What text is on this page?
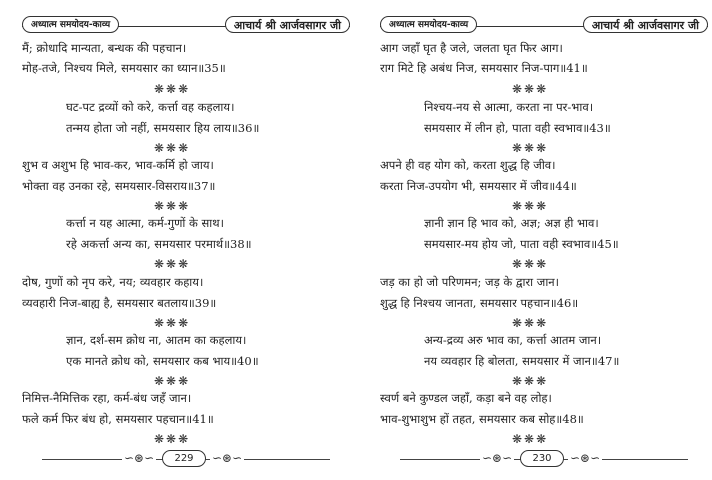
अध्यात्म समयोदय-काव्य	आचार्य श्री आर्जवसागर जी
मैं; क्रोधादि मान्यता, बन्धक की पहचान।
मोह-तजे, निश्चय मिले, समयसार का ध्यान॥35॥
❋❋❋
घट-पट द्रव्यों को करे, कर्त्ता वह कहलाय।
तन्मय होता जो नहीं, समयसार हिय लाय॥36॥
❋❋❋
शुभ व अशुभ हि भाव-कर, भाव-कर्मि हो जाय।
भोक्ता वह उनका रहे, समयसार-विसराय॥37॥
❋❋❋
कर्त्ता न यह आत्मा, कर्म-गुणों के साथ।
रहे अकर्त्ता अन्य का, समयसार परमार्थ॥38॥
❋❋❋
दोष, गुणों को नृप करे, नय; व्यवहार कहाय।
व्यवहारी निज-बाह्य है, समयसार बतलाय॥39॥
❋❋❋
ज्ञान, दर्श-सम क्रोध ना, आतम का कहलाय।
एक मानते क्रोध को, समयसार कब भाय॥40॥
❋❋❋
निमित्त-नैमित्तिक रहा, कर्म-बंध जहँ जान।
फले कर्म फिर बंध हो, समयसार पहचान॥41॥
❋❋❋
∽⊛∽	∽⊛∽
229
अध्यात्म समयोदय-काव्य	आचार्य श्री आर्जवसागर जी
आग जहाँ घृत है जले, जलता घृत फिर आग।
राग मिटे हि अबंध निज, समयसार निज-पाग॥41॥
❋❋❋
निश्चय-नय से आत्मा, करता ना पर-भाव।
समयसार में लीन हो, पाता वही स्वभाव॥43॥
❋❋❋
अपने ही वह योग को, करता शुद्ध हि जीव।
करता निज-उपयोग भी, समयसार में जीव॥44॥
❋❋❋
ज्ञानी ज्ञान हि भाव को, अज्ञ; अज्ञ ही भाव।
समयसार-मय होय जो, पाता वही स्वभाव॥45॥
❋❋❋
जड़ का हो जो परिणमन; जड़ के द्वारा जान।
शुद्ध हि निश्चय जानता, समयसार पहचान॥46॥
❋❋❋
अन्य-द्रव्य अरु भाव का, कर्त्ता आतम जान।
नय व्यवहार हि बोलता, समयसार में जान॥47॥
❋❋❋
स्वर्ण बने कुण्डल जहाँ, कड़ा बने वह लोह।
भाव-शुभाशुभ हों तहत, समयसार कब सोह॥48॥
❋❋❋
∽⊛∽	∽⊛∽
230
